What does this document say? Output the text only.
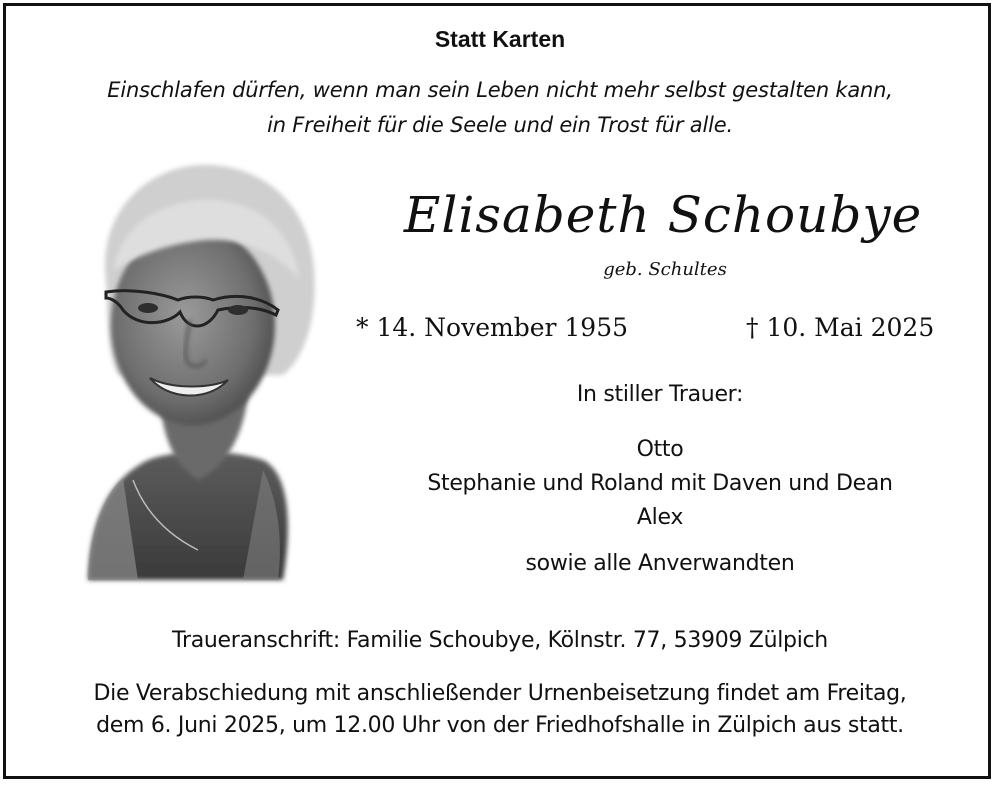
Statt Karten
Einschlafen dürfen, wenn man sein Leben nicht mehr selbst gestalten kann,
in Freiheit für die Seele und ein Trost für alle.
Elisabeth Schoubye
geb. Schultes
* 14. November 1955	† 10. Mai 2025
In stiller Trauer:
Otto
Stephanie und Roland mit Daven und Dean
Alex
sowie alle Anverwandten
Traueranschrift: Familie Schoubye, Kölnstr. 77, 53909 Zülpich
Die Verabschiedung mit anschließender Urnenbeisetzung findet am Freitag,
dem 6. Juni 2025, um 12.00 Uhr von der Friedhofshalle in Zülpich aus statt.
